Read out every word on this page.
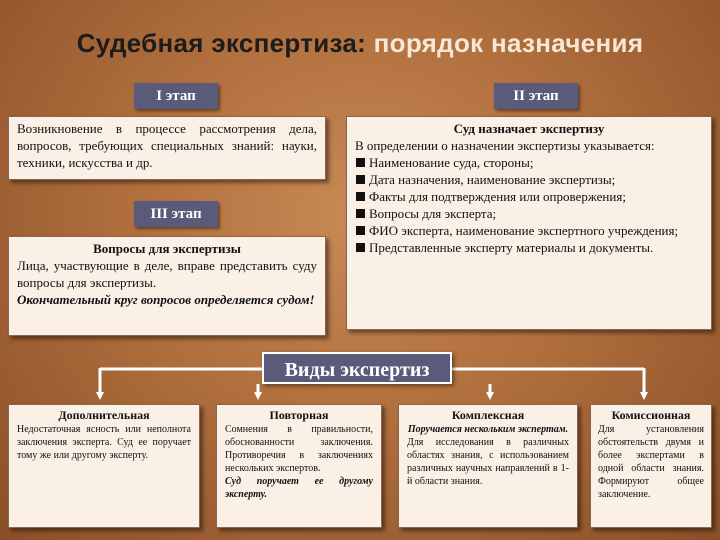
Судебная экспертиза: порядок назначения
I этап	II этап
III этап
Возникновение в процессе рассмотрения дела, вопросов, требующих специальных знаний: науки, техники, искусства и др.
Вопросы для экспертизы
Лица, участвующие в деле, вправе представить суду вопросы для экспертизы.
Окончательный круг вопросов определяется судом!
Суд назначает экспертизу
В определении о назначении экспертизы указывается:
Наименование суда, стороны;
Дата назначения, наименование экспертизы;
Факты для подтверждения или опровержения;
Вопросы для эксперта;
ФИО эксперта, наименование экспертного учреждения;
Представленные эксперту материалы и документы.
Виды экспертиз
Дополнительная
Недостаточная ясность или неполнота заключения эксперта. Суд ее поручает тому же или другому эксперту.
Повторная
Сомнения в правильности, обоснованности заключения. Противоречия в заключениях нескольких экспертов.
Суд поручает ее другому эксперту.
Комплексная
Поручается нескольким экспертам.
Для исследования в различных областях знания, с использованием различных научных направлений в 1-й области знания.
Комиссионная
Для установления обстоятельств двумя и более экспертами в одной области знания. Формируют общее заключение.
